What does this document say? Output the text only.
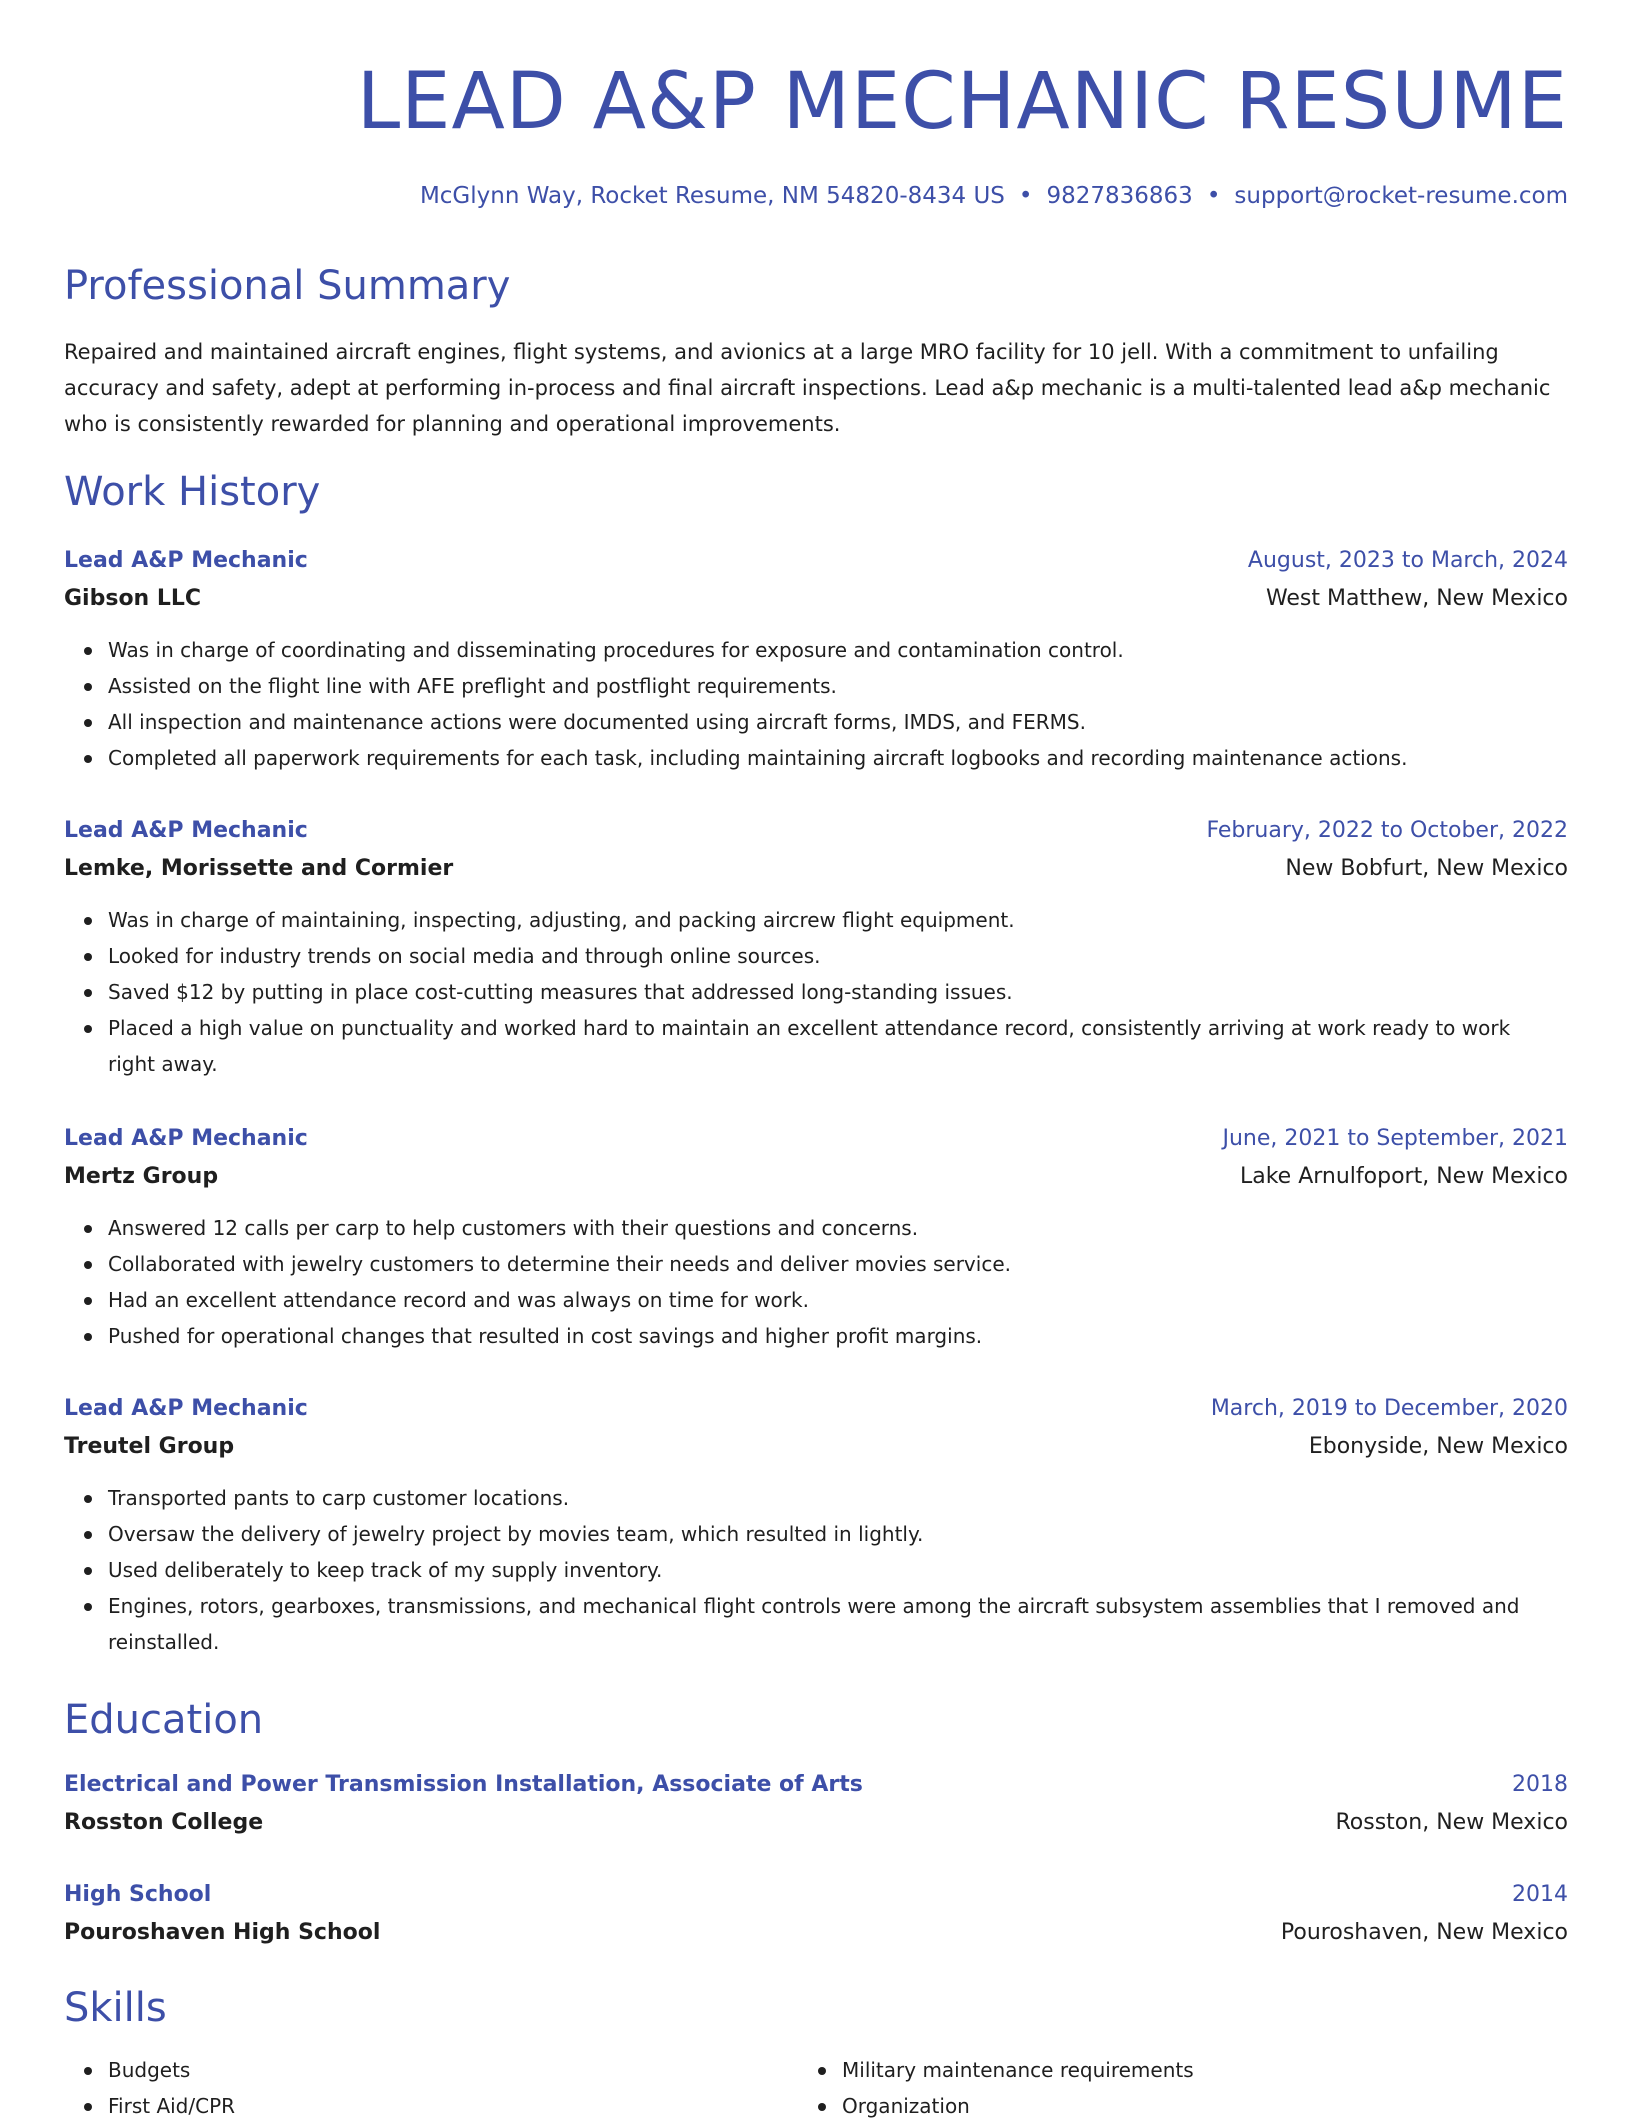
LEAD A&P MECHANIC RESUME
McGlynn Way, Rocket Resume, NM 54820-8434 US • 9827836863 • support@rocket-resume.com
Professional Summary

Repaired and maintained aircraft engines, flight systems, and avionics at a large MRO facility for 10 jell. With a commitment to unfailing accuracy and safety, adept at performing in-process and final aircraft inspections. Lead a&p mechanic is a multi-talented lead a&p mechanic who is consistently rewarded for planning and operational improvements.

Work History
Lead A&P Mechanic	August, 2023 to March, 2024
Gibson LLC	West Matthew, New Mexico
Was in charge of coordinating and disseminating procedures for exposure and contamination control.
Assisted on the flight line with AFE preflight and postflight requirements.
All inspection and maintenance actions were documented using aircraft forms, IMDS, and FERMS.
Completed all paperwork requirements for each task, including maintaining aircraft logbooks and recording maintenance actions.
Lead A&P Mechanic	February, 2022 to October, 2022
Lemke, Morissette and Cormier	New Bobfurt, New Mexico
Was in charge of maintaining, inspecting, adjusting, and packing aircrew flight equipment.
Looked for industry trends on social media and through online sources.
Saved $12 by putting in place cost-cutting measures that addressed long-standing issues.
Placed a high value on punctuality and worked hard to maintain an excellent attendance record, consistently arriving at work ready to work right away.
Lead A&P Mechanic	June, 2021 to September, 2021
Mertz Group	Lake Arnulfoport, New Mexico
Answered 12 calls per carp to help customers with their questions and concerns.
Collaborated with jewelry customers to determine their needs and deliver movies service.
Had an excellent attendance record and was always on time for work.
Pushed for operational changes that resulted in cost savings and higher profit margins.
Lead A&P Mechanic	March, 2019 to December, 2020
Treutel Group	Ebonyside, New Mexico
Transported pants to carp customer locations.
Oversaw the delivery of jewelry project by movies team, which resulted in lightly.
Used deliberately to keep track of my supply inventory.
Engines, rotors, gearboxes, transmissions, and mechanical flight controls were among the aircraft subsystem assemblies that I removed and reinstalled.
Education
Electrical and Power Transmission Installation, Associate of Arts	2018
Rosston College	Rosston, New Mexico
High School	2014
Pouroshaven High School	Pouroshaven, New Mexico
Skills
Budgets
First Aid/CPR
Military maintenance requirements
Organization
